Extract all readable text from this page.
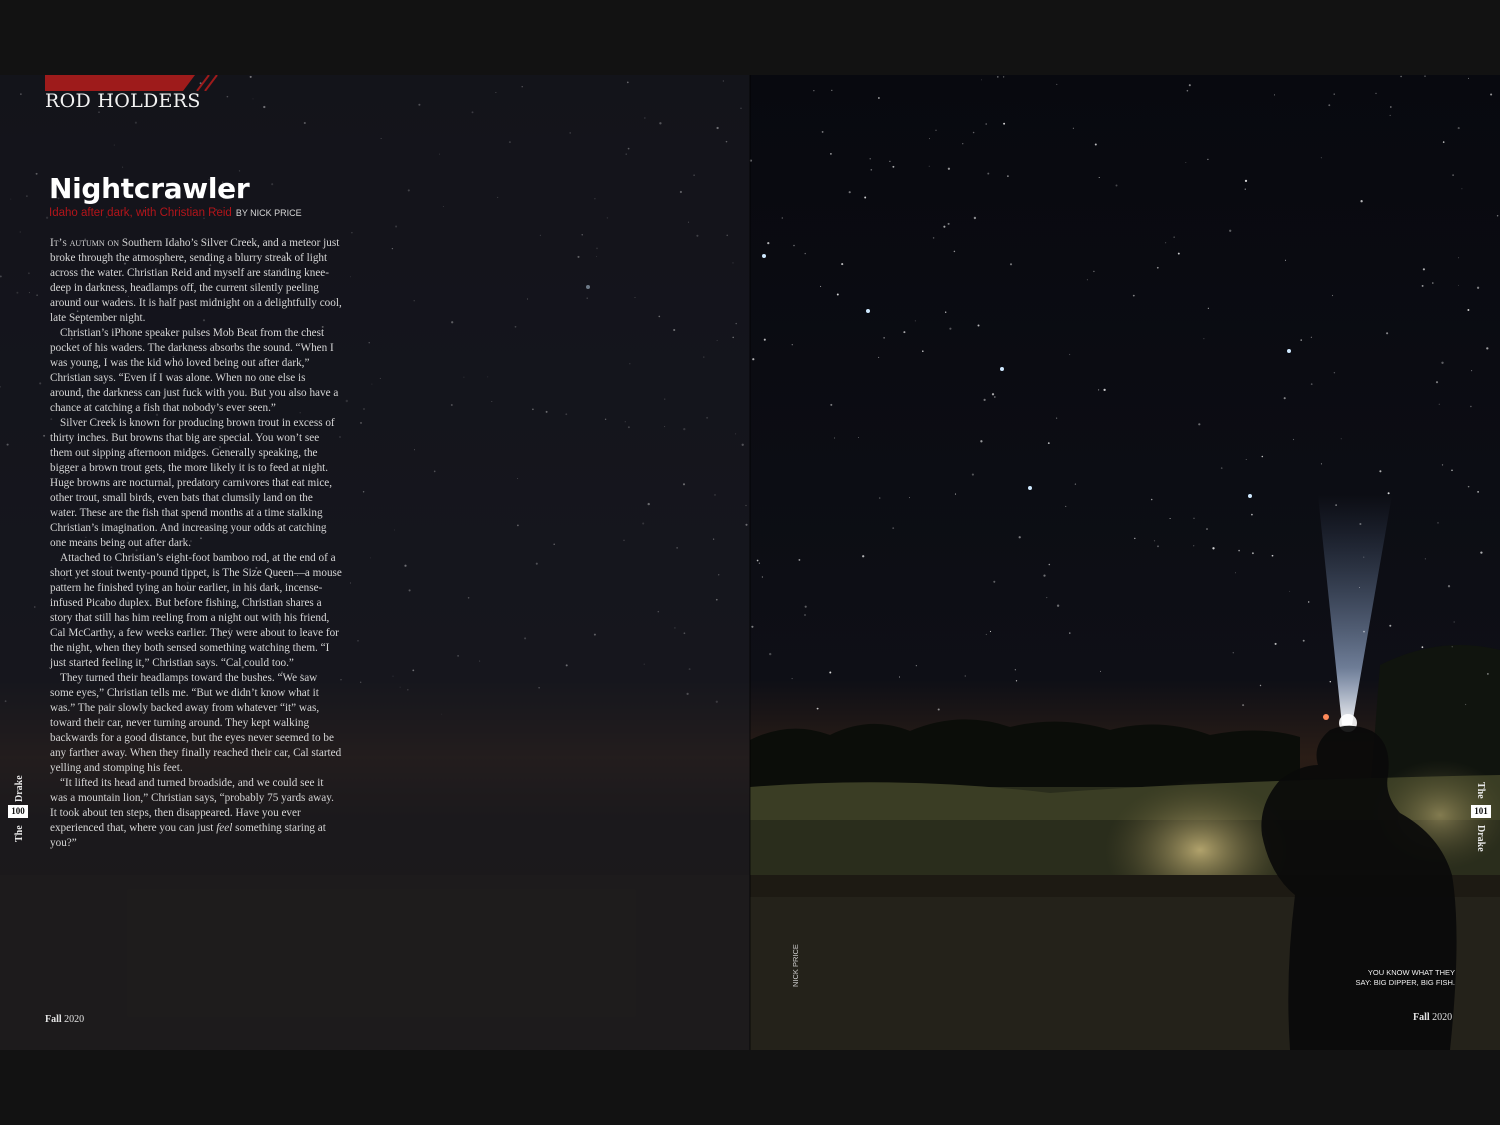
ROD HOLDERS
Nightcrawler
Idaho after dark, with Christian Reid BY NICK PRICE

It’s autumn on Southern Idaho’s Silver Creek, and a meteor just broke through the atmosphere, sending a blurry streak of light across the water. Christian Reid and myself are standing knee-deep in darkness, headlamps off, the current silently peeling around our waders. It is half past midnight on a delightfully cool, late September night.

Christian’s iPhone speaker pulses Mob Beat from the chest pocket of his waders. The darkness absorbs the sound. “When I was young, I was the kid who loved being out after dark,” Christian says. “Even if I was alone. When no one else is around, the darkness can just fuck with you. But you also have a chance at catching a fish that nobody’s ever seen.”

Silver Creek is known for producing brown trout in excess of thirty inches. But browns that big are special. You won’t see them out sipping afternoon midges. Generally speaking, the bigger a brown trout gets, the more likely it is to feed at night. Huge browns are nocturnal, predatory carnivores that eat mice, other trout, small birds, even bats that clumsily land on the water. These are the fish that spend months at a time stalking Christian’s imagination. And increasing your odds at catching one means being out after dark.

Attached to Christian’s eight-foot bamboo rod, at the end of a short yet stout twenty-pound tippet, is The Size Queen—a mouse pattern he finished tying an hour earlier, in his dark, incense-infused Picabo duplex. But before fishing, Christian shares a story that still has him reeling from a night out with his friend, Cal McCarthy, a few weeks earlier. They were about to leave for the night, when they both sensed something watching them. “I just started feeling it,” Christian says. “Cal could too.”

They turned their headlamps toward the bushes. “We saw some eyes,” Christian tells me. “But we didn’t know what it was.” The pair slowly backed away from whatever “it” was, toward their car, never turning around. They kept walking backwards for a good distance, but the eyes never seemed to be any farther away. When they finally reached their car, Cal started yelling and stomping his feet.

“It lifted its head and turned broadside, and we could see it was a mountain lion,” Christian says, “probably 75 yards away. It took about ten steps, then disappeared. Have you ever experienced that, where you can just feel something staring at you?”

The
Drake
100
Fall 2020
The
Drake
101
Fall 2020
NICK PRICE	YOU KNOW WHAT THEY
SAY: BIG DIPPER, BIG FISH.
